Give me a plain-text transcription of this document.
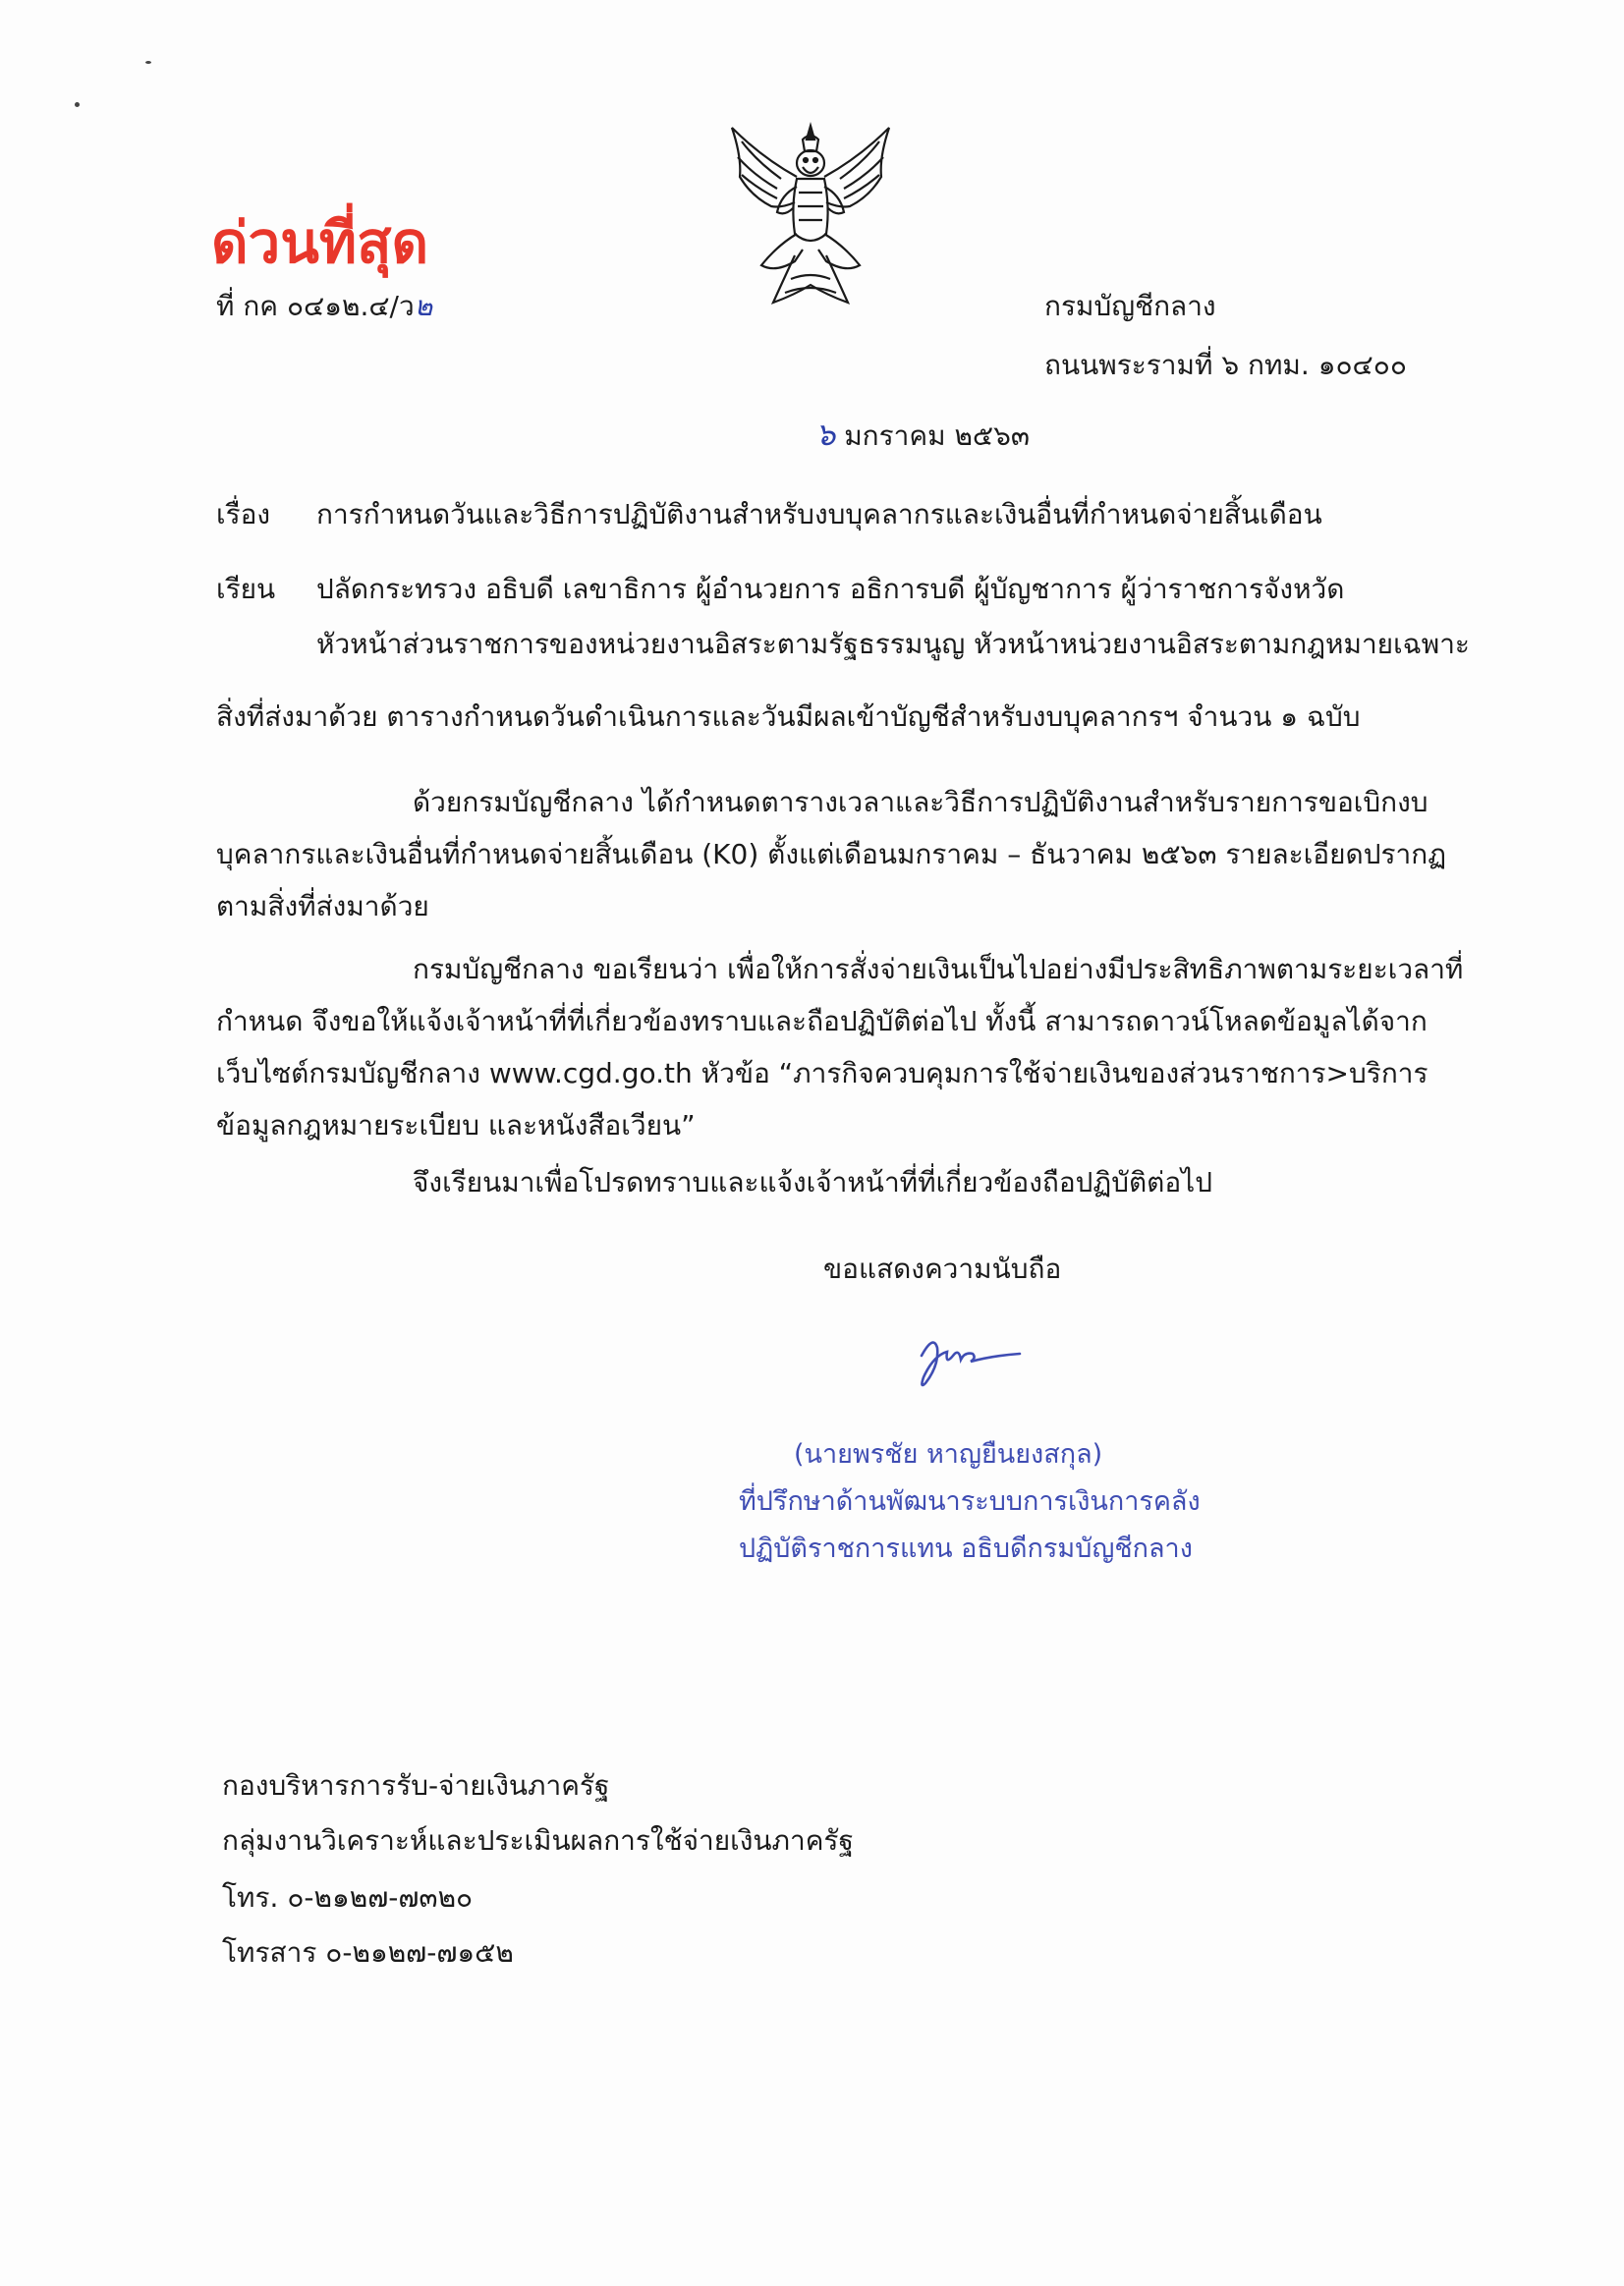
ด่วนที่สุด
ที่ กค ๐๔๑๒.๔/ว๒	กรมบัญชีกลาง
ถนนพระรามที่ ๖ กทม. ๑๐๔๐๐
๖ มกราคม ๒๕๖๓
เรื่อง การกำหนดวันและวิธีการปฏิบัติงานสำหรับงบบุคลากรและเงินอื่นที่กำหนดจ่ายสิ้นเดือน
เรียน ปลัดกระทรวง อธิบดี เลขาธิการ ผู้อำนวยการ อธิการบดี ผู้บัญชาการ ผู้ว่าราชการจังหวัด
หัวหน้าส่วนราชการของหน่วยงานอิสระตามรัฐธรรมนูญ หัวหน้าหน่วยงานอิสระตามกฎหมายเฉพาะ
สิ่งที่ส่งมาด้วย ตารางกำหนดวันดำเนินการและวันมีผลเข้าบัญชีสำหรับงบบุคลากรฯ จำนวน ๑ ฉบับ
ด้วยกรมบัญชีกลาง ได้กำหนดตารางเวลาและวิธีการปฏิบัติงานสำหรับรายการขอเบิกงบบุคลากรและเงินอื่นที่กำหนดจ่ายสิ้นเดือน (K0) ตั้งแต่เดือนมกราคม – ธันวาคม ๒๕๖๓ รายละเอียดปรากฏตามสิ่งที่ส่งมาด้วย
กรมบัญชีกลาง ขอเรียนว่า เพื่อให้การสั่งจ่ายเงินเป็นไปอย่างมีประสิทธิภาพตามระยะเวลาที่กำหนด จึงขอให้แจ้งเจ้าหน้าที่ที่เกี่ยวข้องทราบและถือปฏิบัติต่อไป ทั้งนี้ สามารถดาวน์โหลดข้อมูลได้จากเว็บไซต์กรมบัญชีกลาง www.cgd.go.th หัวข้อ “ภารกิจควบคุมการใช้จ่ายเงินของส่วนราชการ>บริการข้อมูลกฎหมายระเบียบ และหนังสือเวียน”
จึงเรียนมาเพื่อโปรดทราบและแจ้งเจ้าหน้าที่ที่เกี่ยวข้องถือปฏิบัติต่อไป
ขอแสดงความนับถือ
(นายพรชัย หาญยืนยงสกุล)
ที่ปรึกษาด้านพัฒนาระบบการเงินการคลัง
ปฏิบัติราชการแทน อธิบดีกรมบัญชีกลาง
กองบริหารการรับ-จ่ายเงินภาครัฐ
กลุ่มงานวิเคราะห์และประเมินผลการใช้จ่ายเงินภาครัฐ
โทร. ๐-๒๑๒๗-๗๓๒๐
โทรสาร ๐-๒๑๒๗-๗๑๕๒
